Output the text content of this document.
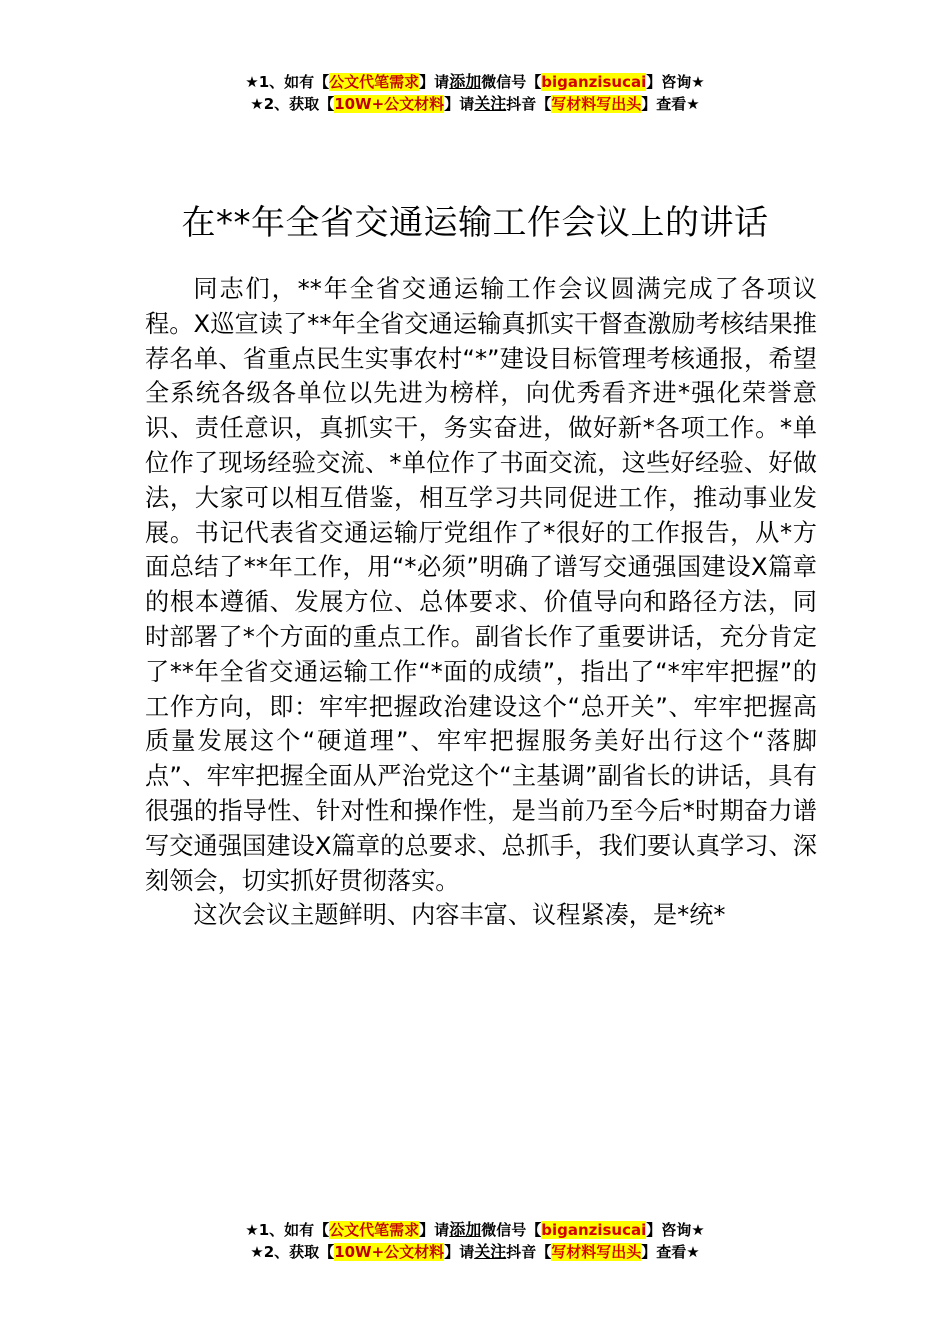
★1、如有【公文代笔需求】请添加微信号【biganzisucai】咨询★
★2、获取【10W+公文材料】请关注抖音【写材料写出头】查看★
在**年全省交通运输工作会议上的讲话

同志们，**年全省交通运输工作会议圆满完成了各项议程。X巡宣读了**年全省交通运输真抓实干督查激励考核结果推荐名单、省重点民生实事农村“*”建设目标管理考核通报，希望全系统各级各单位以先进为榜样，向优秀看齐进*强化荣誉意识、责任意识，真抓实干，务实奋进，做好新*各项工作。*单位作了现场经验交流、*单位作了书面交流，这些好经验、好做法，大家可以相互借鉴，相互学习共同促进工作，推动事业发展。书记代表省交通运输厅党组作了*很好的工作报告，从*方面总结了**年工作，用“*必须”明确了谱写交通强国建设X篇章的根本遵循、发展方位、总体要求、价值导向和路径方法，同时部署了*个方面的重点工作。副省长作了重要讲话，充分肯定了**年全省交通运输工作“*面的成绩”，指出了“*牢牢把握”的工作方向，即：牢牢把握政治建设这个“总开关”、牢牢把握高质量发展这个“硬道理”、牢牢把握服务美好出行这个“落脚点”、牢牢把握全面从严治党这个“主基调”副省长的讲话，具有很强的指导性、针对性和操作性，是当前乃至今后*时期奋力谱写交通强国建设X篇章的总要求、总抓手，我们要认真学习、深刻领会，切实抓好贯彻落实。

这次会议主题鲜明、内容丰富、议程紧凑，是*统*

★1、如有【公文代笔需求】请添加微信号【biganzisucai】咨询★
★2、获取【10W+公文材料】请关注抖音【写材料写出头】查看★
